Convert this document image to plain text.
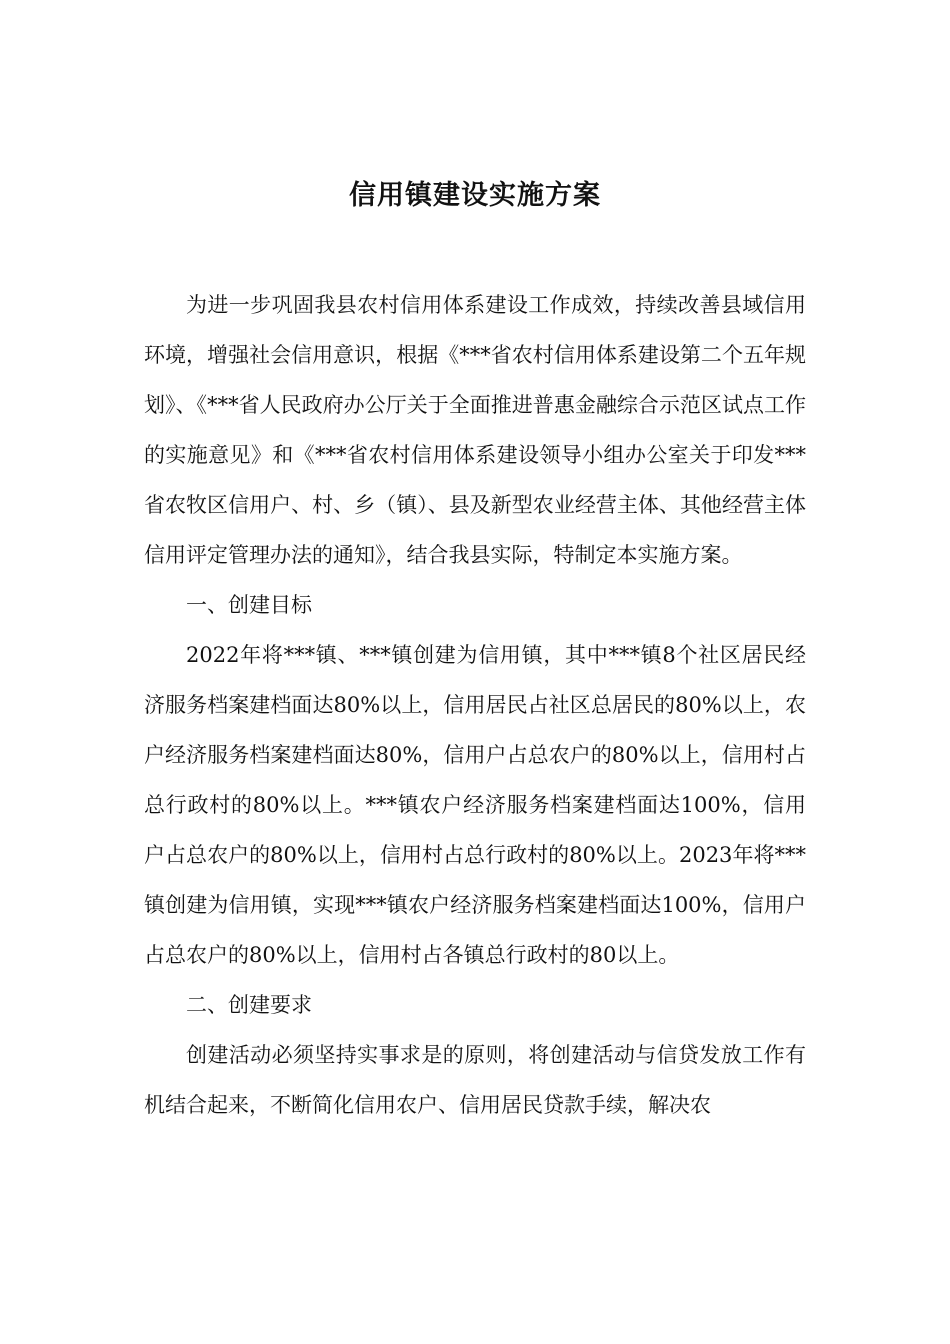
信用镇建设实施方案

为进一步巩固我县农村信用体系建设工作成效，持续改善县域信用环境，增强社会信用意识，根据《***省农村信用体系建设第二个五年规划》、《***省人民政府办公厅关于全面推进普惠金融综合示范区试点工作的实施意见》和《***省农村信用体系建设领导小组办公室关于印发***省农牧区信用户、村、乡（镇）、县及新型农业经营主体、其他经营主体信用评定管理办法的通知》，结合我县实际，特制定本实施方案。

一、创建目标

2022年将***镇、***镇创建为信用镇，其中***镇8个社区居民经济服务档案建档面达80%以上，信用居民占社区总居民的80%以上，农户经济服务档案建档面达80%，信用户占总农户的80%以上，信用村占总行政村的80%以上。***镇农户经济服务档案建档面达100%，信用户占总农户的80%以上，信用村占总行政村的80%以上。2023年将***镇创建为信用镇，实现***镇农户经济服务档案建档面达100%，信用户占总农户的80%以上，信用村占各镇总行政村的80以上。

二、创建要求

创建活动必须坚持实事求是的原则，将创建活动与信贷发放工作有机结合起来，不断简化信用农户、信用居民贷款手续，解决农
